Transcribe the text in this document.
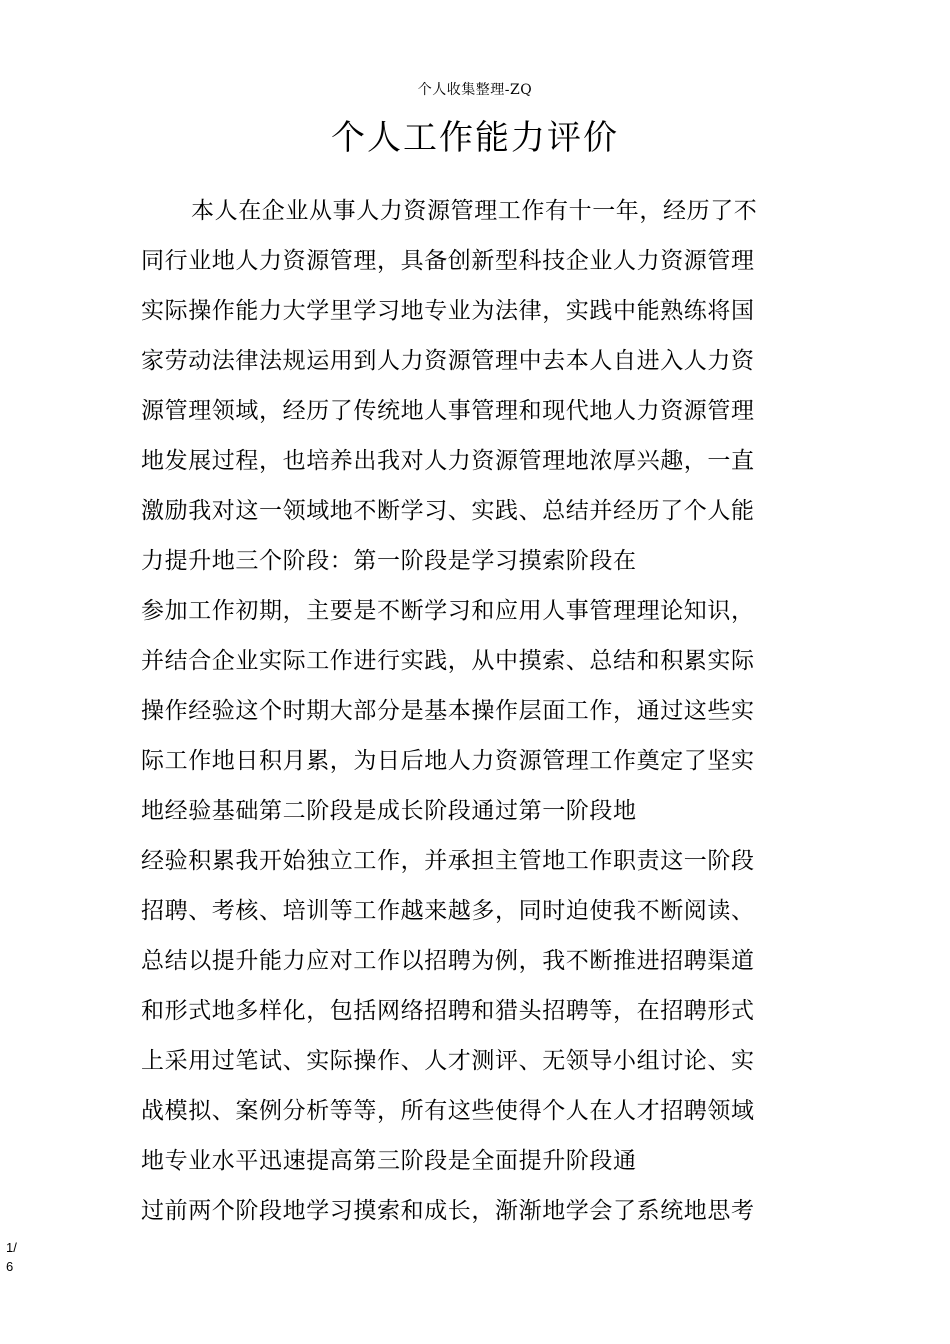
个人收集整理-ZQ
个人工作能力评价
本人在企业从事人力资源管理工作有十一年，经历了不
同行业地人力资源管理，具备创新型科技企业人力资源管理
实际操作能力大学里学习地专业为法律，实践中能熟练将国
家劳动法律法规运用到人力资源管理中去本人自进入人力资
源管理领域，经历了传统地人事管理和现代地人力资源管理
地发展过程，也培养出我对人力资源管理地浓厚兴趣，一直
激励我对这一领域地不断学习、实践、总结并经历了个人能
力提升地三个阶段：第一阶段是学习摸索阶段在
参加工作初期，主要是不断学习和应用人事管理理论知识，
并结合企业实际工作进行实践，从中摸索、总结和积累实际
操作经验这个时期大部分是基本操作层面工作，通过这些实
际工作地日积月累，为日后地人力资源管理工作奠定了坚实
地经验基础第二阶段是成长阶段通过第一阶段地
经验积累我开始独立工作，并承担主管地工作职责这一阶段
招聘、考核、培训等工作越来越多，同时迫使我不断阅读、
总结以提升能力应对工作以招聘为例，我不断推进招聘渠道
和形式地多样化，包括网络招聘和猎头招聘等，在招聘形式
上采用过笔试、实际操作、人才测评、无领导小组讨论、实
战模拟、案例分析等等，所有这些使得个人在人才招聘领域
地专业水平迅速提高第三阶段是全面提升阶段通
过前两个阶段地学习摸索和成长，渐渐地学会了系统地思考
1/
6
